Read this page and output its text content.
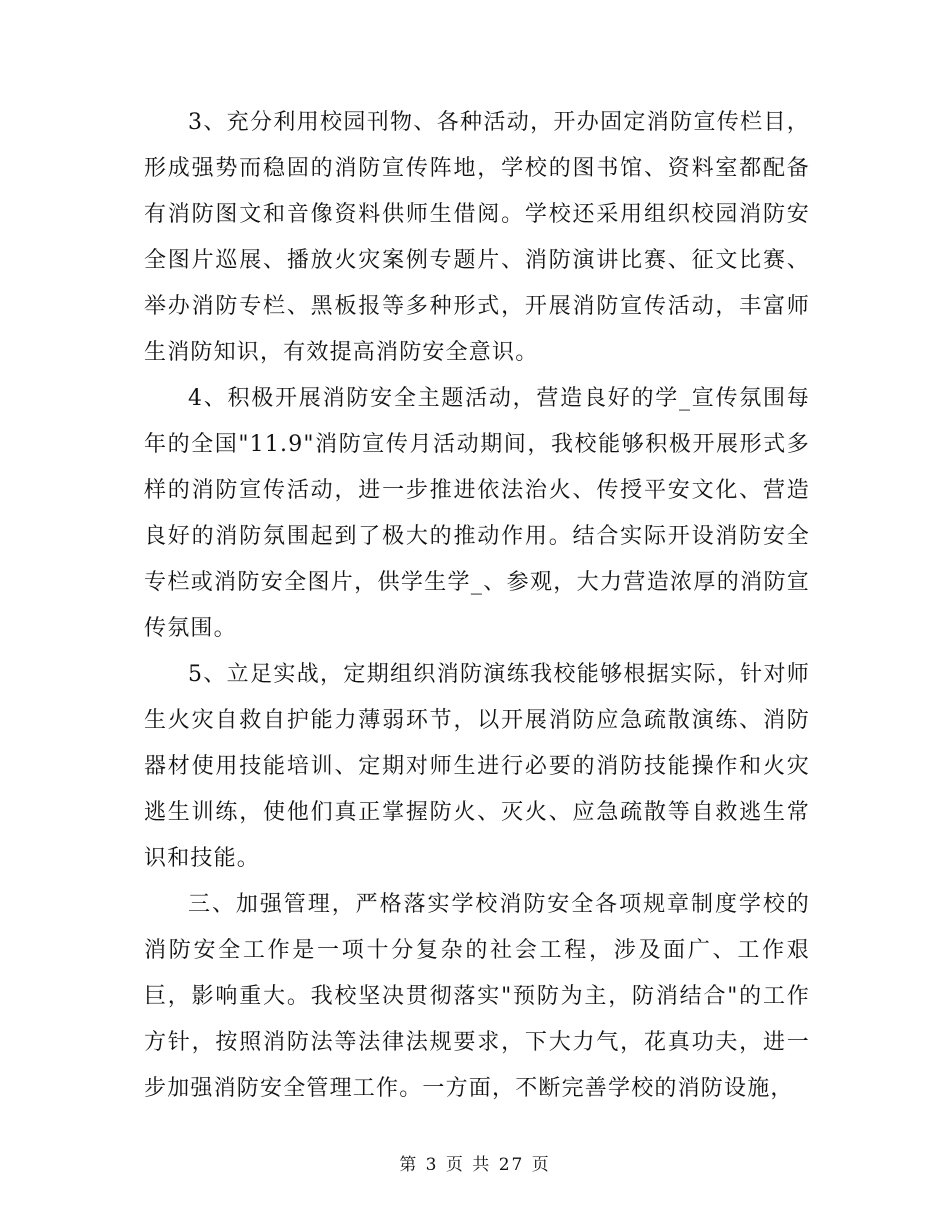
3、充分利用校园刊物、各种活动，开办固定消防宣传栏目，形成强势而稳固的消防宣传阵地，学校的图书馆、资料室都配备有消防图文和音像资料供师生借阅。学校还采用组织校园消防安全图片巡展、播放火灾案例专题片、消防演讲比赛、征文比赛、举办消防专栏、黑板报等多种形式，开展消防宣传活动，丰富师生消防知识，有效提高消防安全意识。

4、积极开展消防安全主题活动，营造良好的学_宣传氛围每年的全国"11.9"消防宣传月活动期间，我校能够积极开展形式多样的消防宣传活动，进一步推进依法治火、传授平安文化、营造良好的消防氛围起到了极大的推动作用。结合实际开设消防安全专栏或消防安全图片，供学生学_、参观，大力营造浓厚的消防宣传氛围。

5、立足实战，定期组织消防演练我校能够根据实际，针对师生火灾自救自护能力薄弱环节，以开展消防应急疏散演练、消防器材使用技能培训、定期对师生进行必要的消防技能操作和火灾逃生训练，使他们真正掌握防火、灭火、应急疏散等自救逃生常识和技能。

三、加强管理，严格落实学校消防安全各项规章制度学校的消防安全工作是一项十分复杂的社会工程，涉及面广、工作艰巨，影响重大。我校坚决贯彻落实"预防为主，防消结合"的工作方针，按照消防法等法律法规要求，下大力气，花真功夫，进一步加强消防安全管理工作。一方面，不断完善学校的消防设施，

第 3 页 共 27 页
